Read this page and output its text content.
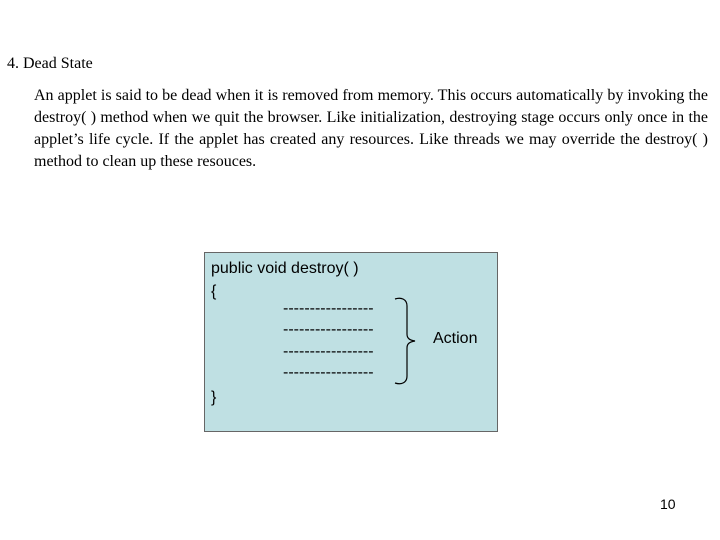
4. Dead State

An applet is said to be dead when it is removed from memory. This occurs automatically by invoking the destroy( ) method when we quit the browser. Like initialization, destroying stage occurs only once in the applet’s life cycle. If the applet has created any resources. Like threads we may override the destroy( ) method to clean up these resouces.

public void destroy( )
{
-----------------
-----------------
-----------------
-----------------
Action
}
10
